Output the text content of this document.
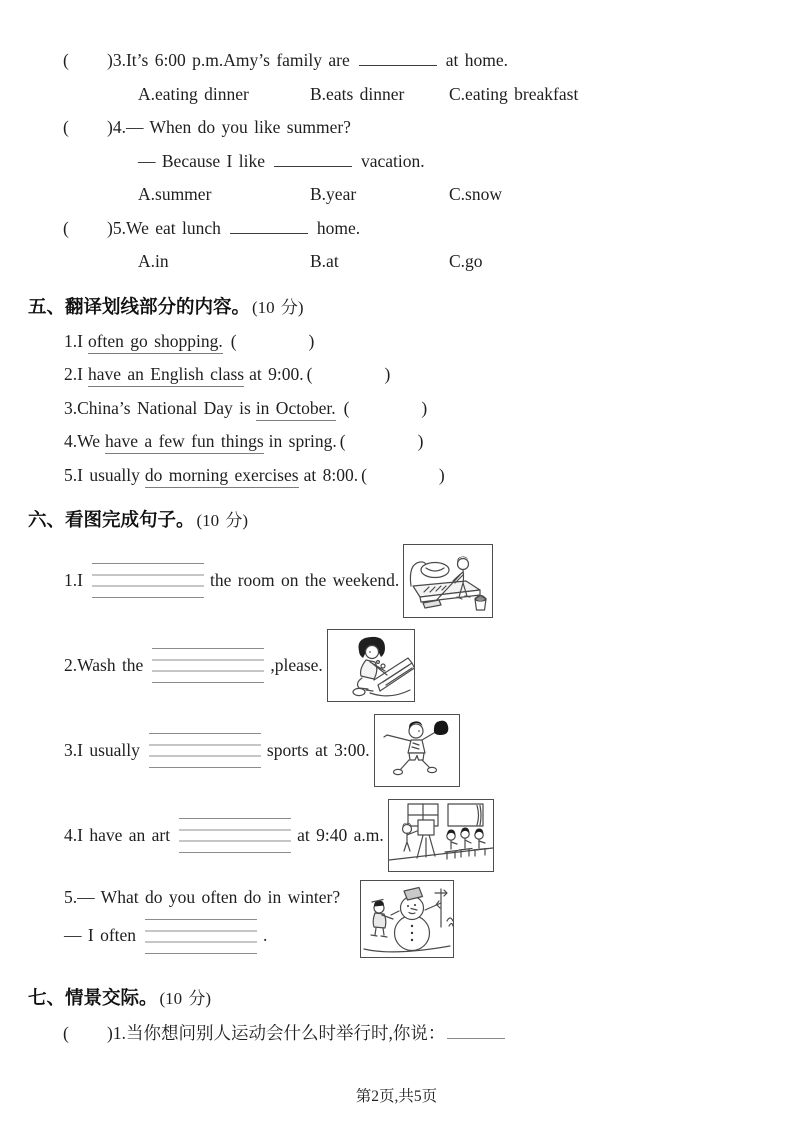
( )3.It’s 6:00 p.m.Amy’s family are	at home.
A.eating dinner	B.eats dinner	C.eating breakfast
( )4.— When do you like summer?
— Because I like	vacation.
A.summer	B.year	C.snow
( )5.We eat lunch	home.
A.in	B.at	C.go
五、翻译划线部分的内容。 (10 分)
1.I often go shopping. (	)
2.I have an English class at 9:00. (	)
3.China’s National Day is in October. (	)
4.We have a few fun things in spring. (	)
5.I usually do morning exercises at 8:00. (	)
六、看图完成句子。 (10 分)
1.I	the room on the weekend.
2.Wash the	,please.
3.I usually	sports at 3:00.
4.I have an art	at 9:40 a.m.
5.— What do you often do in winter?
— I often	.
七、情景交际。 (10 分)
( )1.当你想问别人运动会什么时举行时,你说：
第2页,共5页
